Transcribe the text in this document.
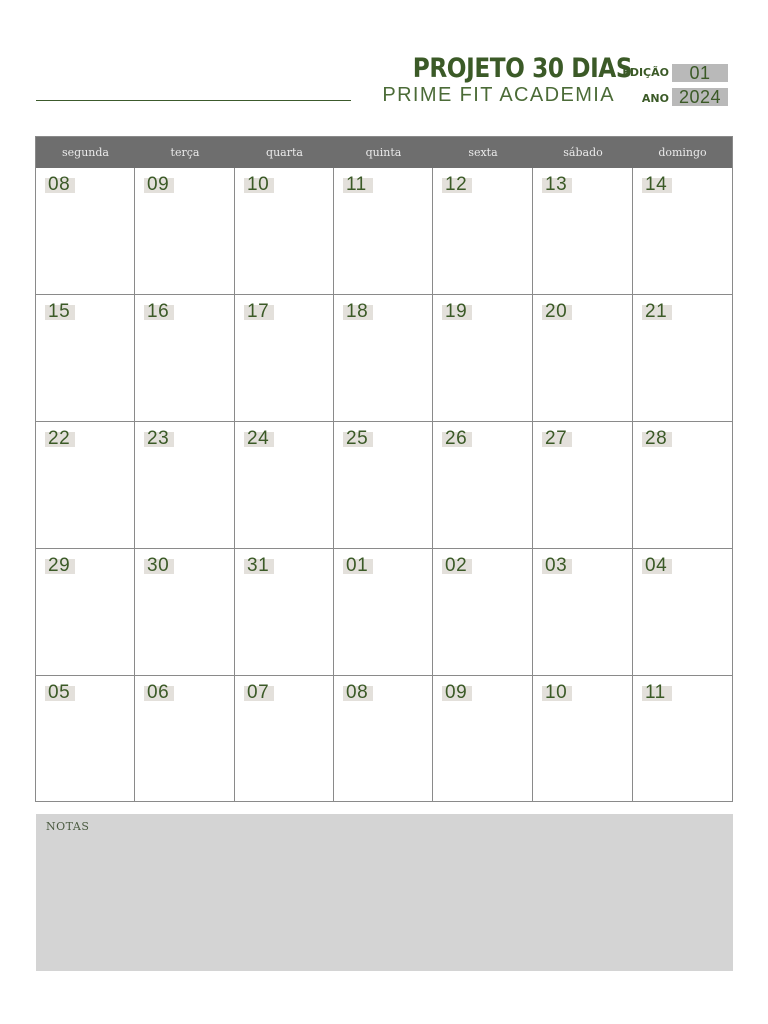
PROJETO 30 DIAS
PRIME FIT ACADEMIA
EDIÇÃO	01
ANO 2024
segunda	terça	quarta	quinta	sexta	sábado	domingo
08	09	10	11	12	13	14
15	16	17	18	19	20	21
22	23	24	25	26	27	28
29	30	31	01	02	03	04
05	06	07	08	09	10	11
NOTAS
